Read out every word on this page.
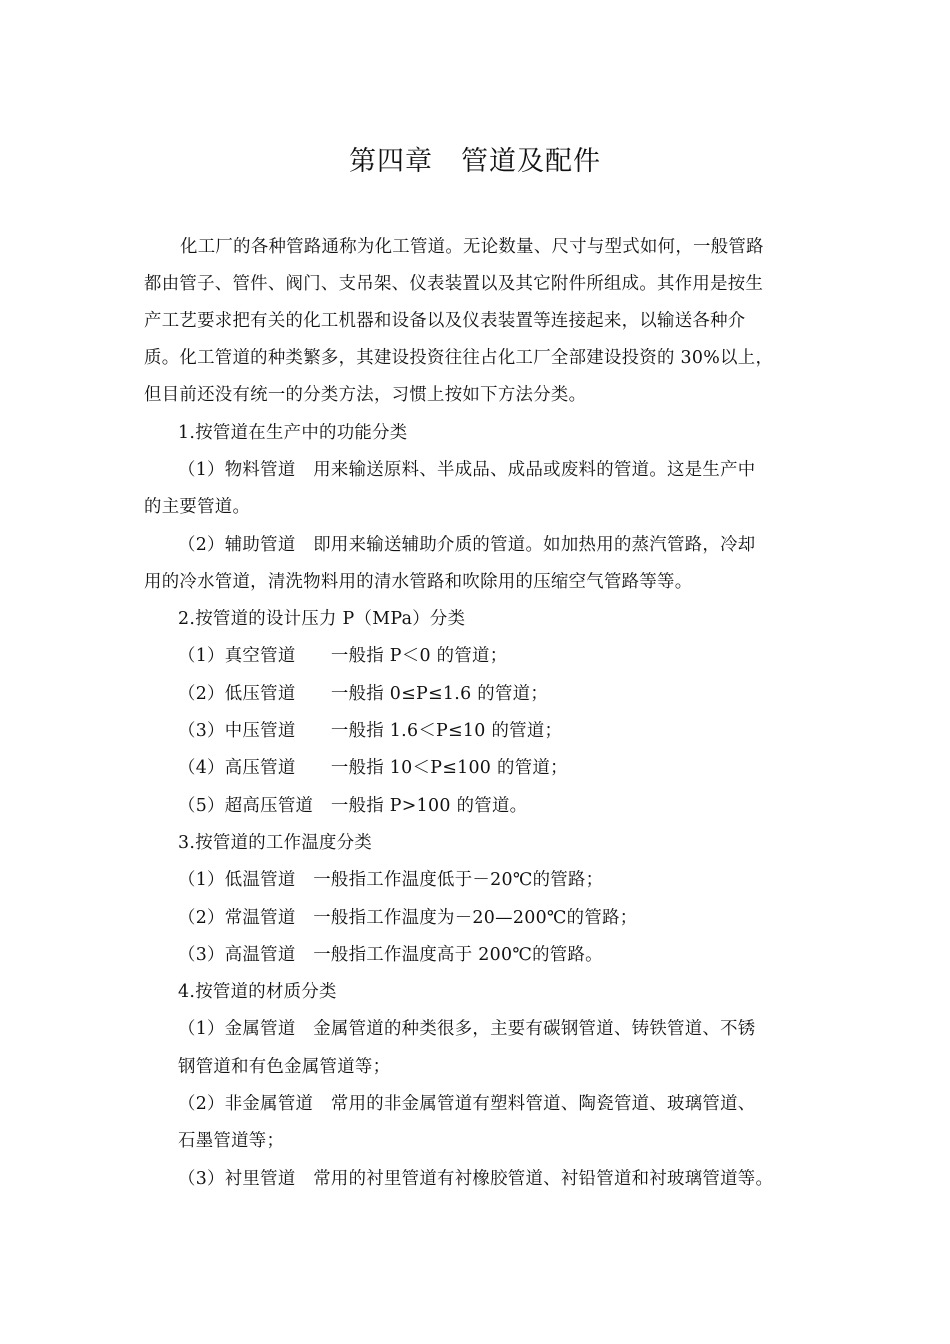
第四章　管道及配件
化工厂的各种管路通称为化工管道。无论数量、尺寸与型式如何，一般管路
都由管子、管件、阀门、支吊架、仪表装置以及其它附件所组成。其作用是按生
产工艺要求把有关的化工机器和设备以及仪表装置等连接起来，以输送各种介
质。化工管道的种类繁多，其建设投资往往占化工厂全部建设投资的 30%以上，
但目前还没有统一的分类方法，习惯上按如下方法分类。
1.按管道在生产中的功能分类
（1）物料管道　用来输送原料、半成品、成品或废料的管道。这是生产中
的主要管道。
（2）辅助管道　即用来输送辅助介质的管道。如加热用的蒸汽管路，冷却
用的冷水管道，清洗物料用的清水管路和吹除用的压缩空气管路等等。
2.按管道的设计压力 P（MPa）分类
（1）真空管道　　一般指 P＜0 的管道；
（2）低压管道　　一般指 0≤P≤1.6 的管道；
（3）中压管道　　一般指 1.6＜P≤10 的管道；
（4）高压管道　　一般指 10＜P≤100 的管道；
（5）超高压管道　一般指 P>100 的管道。
3.按管道的工作温度分类
（1）低温管道　一般指工作温度低于－20℃的管路；
（2）常温管道　一般指工作温度为－20—200℃的管路；
（3）高温管道　一般指工作温度高于 200℃的管路。
4.按管道的材质分类
（1）金属管道　金属管道的种类很多，主要有碳钢管道、铸铁管道、不锈
钢管道和有色金属管道等；
（2）非金属管道　常用的非金属管道有塑料管道、陶瓷管道、玻璃管道、
石墨管道等；
（3）衬里管道　常用的衬里管道有衬橡胶管道、衬铅管道和衬玻璃管道等。
